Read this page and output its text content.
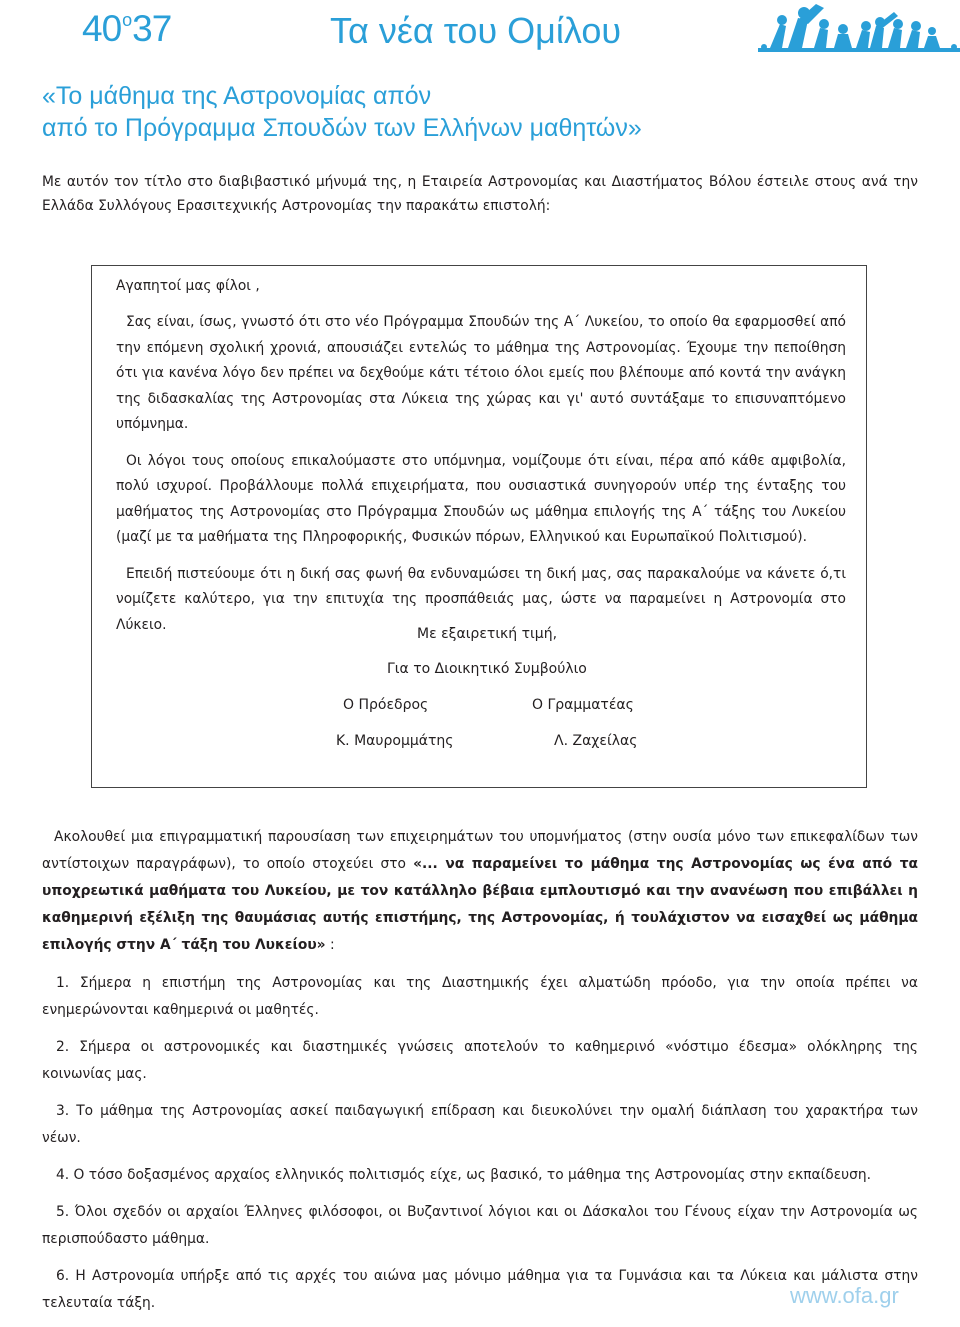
40$^o$37	Τα νέα του Ομίλου
«Το μάθημα της Αστρονομίας απόν
από το Πρόγραμμα Σπουδών των Ελλήνων μαθητών»
Με αυτόν τον τίτλο στο διαβιβαστικό μήνυμά της, η Εταιρεία Αστρονομίας και Διαστήματος Βόλου έστειλε στους ανά την Ελλάδα Συλλόγους Ερασιτεχνικής Αστρονομίας την παρακάτω επιστολή:
Αγαπητοί μας φίλοι ,

Σας είναι, ίσως, γνωστό ότι στο νέο Πρόγραμμα Σπουδών της Α΄ Λυκείου, το οποίο θα εφαρμοσθεί από την επόμενη σχολική χρονιά, απουσιάζει εντελώς το μάθημα της Αστρονομίας. Έχουμε την πεποίθηση ότι για κανένα λόγο δεν πρέπει να δεχθούμε κάτι τέτοιο όλοι εμείς που βλέπουμε από κοντά την ανάγκη της διδασκαλίας της Αστρονομίας στα Λύκεια της χώρας και γι' αυτό συντάξαμε το επισυναπτόμενο υπόμνημα.

Οι λόγοι τους οποίους επικαλούμαστε στο υπόμνημα, νομίζουμε ότι είναι, πέρα από κάθε αμφιβολία, πολύ ισχυροί. Προβάλλουμε πολλά επιχειρήματα, που ουσιαστικά συνηγορούν υπέρ της ένταξης του μαθήματος της Αστρονομίας στο Πρόγραμμα Σπουδών ως μάθημα επιλογής της Α΄ τάξης του Λυκείου (μαζί με τα μαθήματα της Πληροφορικής, Φυσικών πόρων, Ελληνικού και Ευρωπαϊκού Πολιτισμού).

Επειδή πιστεύουμε ότι η δική σας φωνή θα ενδυναμώσει τη δική μας, σας παρακαλούμε να κάνετε ό,τι νομίζετε καλύτερο, για την επιτυχία της προσπάθειάς μας, ώστε να παραμείνει η Αστρονομία στο Λύκειο.

Με εξαιρετική τιμή,
Για το Διοικητικό Συμβούλιο
Ο Πρόεδρος	Ο Γραμματέας
Κ. Μαυρομμάτης	Λ. Ζαχείλας

Ακολουθεί μια επιγραμματική παρουσίαση των επιχειρημάτων του υπομνήματος (στην ουσία μόνο των επικεφαλίδων των αντίστοιχων παραγράφων), το οποίο στοχεύει στο «... να παραμείνει το μάθημα της Αστρονομίας ως ένα από τα υποχρεωτικά μαθήματα του Λυκείου, με τον κατάλληλο βέβαια εμπλουτισμό και την ανανέωση που επιβάλλει η καθημερινή εξέλιξη της θαυμάσιας αυτής επιστήμης, της Αστρονομίας, ή τουλάχιστον να εισαχθεί ως μάθημα επιλογής στην Α΄ τάξη του Λυκείου» :

1. Σήμερα η επιστήμη της Αστρονομίας και της Διαστημικής έχει αλματώδη πρόοδο, για την οποία πρέπει να ενημερώνονται καθημερινά οι μαθητές.
2. Σήμερα οι αστρονομικές και διαστημικές γνώσεις αποτελούν το καθημερινό «νόστιμο έδεσμα» ολόκληρης της κοινωνίας μας.
3. Το μάθημα της Αστρονομίας ασκεί παιδαγωγική επίδραση και διευκολύνει την ομαλή διάπλαση του χαρακτήρα των νέων.
4. Ο τόσο δοξασμένος αρχαίος ελληνικός πολιτισμός είχε, ως βασικό, το μάθημα της Αστρονομίας στην εκπαίδευση.
5. Όλοι σχεδόν οι αρχαίοι Έλληνες φιλόσοφοι, οι Βυζαντινοί λόγιοι και οι Δάσκαλοι του Γένους είχαν την Αστρονομία ως περισπούδαστο μάθημα.
6. Η Αστρονομία υπήρξε από τις αρχές του αιώνα μας μόνιμο μάθημα για τα Γυμνάσια και τα Λύκεια και μάλιστα στην τελευταία τάξη.	www.ofa.gr
